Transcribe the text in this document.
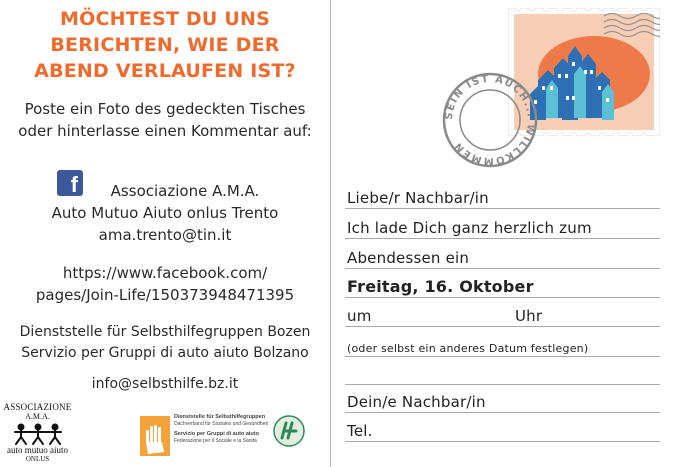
MÖCHTEST DU UNS
BERICHTEN, WIE DER
ABEND VERLAUFEN IST?
Poste ein Foto des gedeckten Tisches
oder hinterlasse einen Kommentar auf:
f	Associazione A.M.A.
Auto Mutuo Aiuto onlus Trento
ama.trento@tin.it
https://www.facebook.com/
pages/Join-Life/150373948471395
Dienststelle für Selbsthilfegruppen Bozen
Servizio per Gruppi di auto aiuto Bolzano
info@selbsthilfe.bz.it
ASSOCIAZIONE
A.M.A.
auto mutuo aiuto
ONLUS
Dienststelle für Selbsthilfegruppen
Dachverband für Soziales und Gesundheit
Servizio per Gruppi di auto aiuto
Federazione per il Sociale e la Sanità
SEIN IST AUCH... WILLKOMMEN
Liebe/r Nachbar/in
Ich lade Dich ganz herzlich zum
Abendessen ein
Freitag, 16. Oktober
um	Uhr
(oder selbst ein anderes Datum festlegen)
Dein/e Nachbar/in
Tel.
